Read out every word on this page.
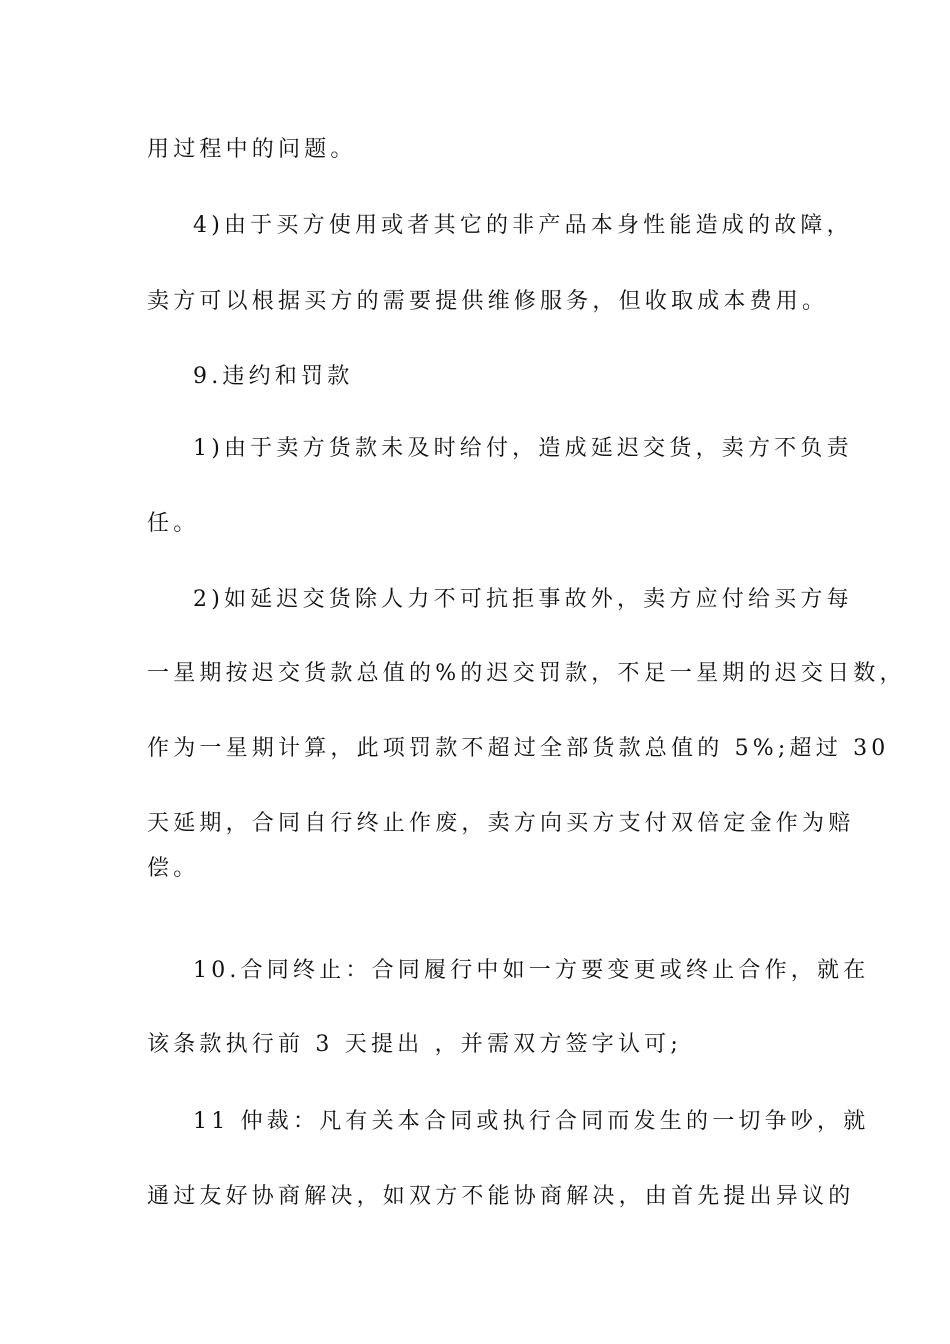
用过程中的问题。
4)由于买方使用或者其它的非产品本身性能造成的故障，
卖方可以根据买方的需要提供维修服务，但收取成本费用。
9.违约和罚款
1)由于卖方货款未及时给付，造成延迟交货，卖方不负责
任。
2)如延迟交货除人力不可抗拒事故外，卖方应付给买方每
一星期按迟交货款总值的%的迟交罚款，不足一星期的迟交日数，
作为一星期计算，此项罚款不超过全部货款总值的 5%;超过 30
天延期，合同自行终止作废，卖方向买方支付双倍定金作为赔
偿。
10.合同终止：合同履行中如一方要变更或终止合作，就在
该条款执行前 3 天提出 ，并需双方签字认可;
11 仲裁：凡有关本合同或执行合同而发生的一切争吵，就
通过友好协商解决，如双方不能协商解决，由首先提出异议的
